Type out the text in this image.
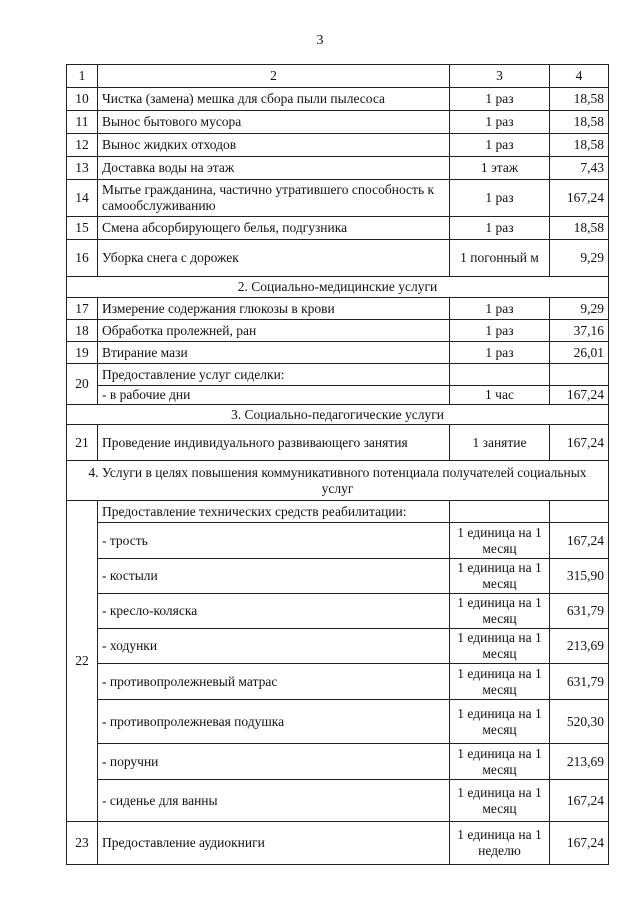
3
1	2	3	4
10	Чистка (замена) мешка для сбора пыли пылесоса	1 раз	18,58
11	Вынос бытового мусора	1 раз	18,58
12	Вынос жидких отходов	1 раз	18,58
13	Доставка воды на этаж	1 этаж	7,43
14	Мытье гражданина, частично утратившего способность к самообслуживанию	1 раз	167,24
15	Смена абсорбирующего белья, подгузника	1 раз	18,58
16	Уборка снега с дорожек	1 погонный м	9,29
2. Социально-медицинские услуги			
17	Измерение содержания глюкозы в крови	1 раз	9,29
18	Обработка пролежней, ран	1 раз	37,16
19	Втирание мази	1 раз	26,01
20	Предоставление услуг сиделки:		
	- в рабочие дни	1 час	167,24
3. Социально-педагогические услуги			
21	Проведение индивидуального развивающего занятия	1 занятие	167,24
4. Услуги в целях повышения коммуникативного потенциала получателей социальных услуг			
22	Предоставление технических средств реабилитации:		
	- трость	1 единица на 1 месяц	167,24
	- костыли	1 единица на 1 месяц	315,90
	- кресло-коляска	1 единица на 1 месяц	631,79
	- ходунки	1 единица на 1 месяц	213,69
	- противопролежневый матрас	1 единица на 1 месяц	631,79
	- противопролежневая подушка	1 единица на 1 месяц	520,30
	- поручни	1 единица на 1 месяц	213,69
	- сиденье для ванны	1 единица на 1 месяц	167,24
23	Предоставление аудиокниги	1 единица на 1 неделю	167,24
